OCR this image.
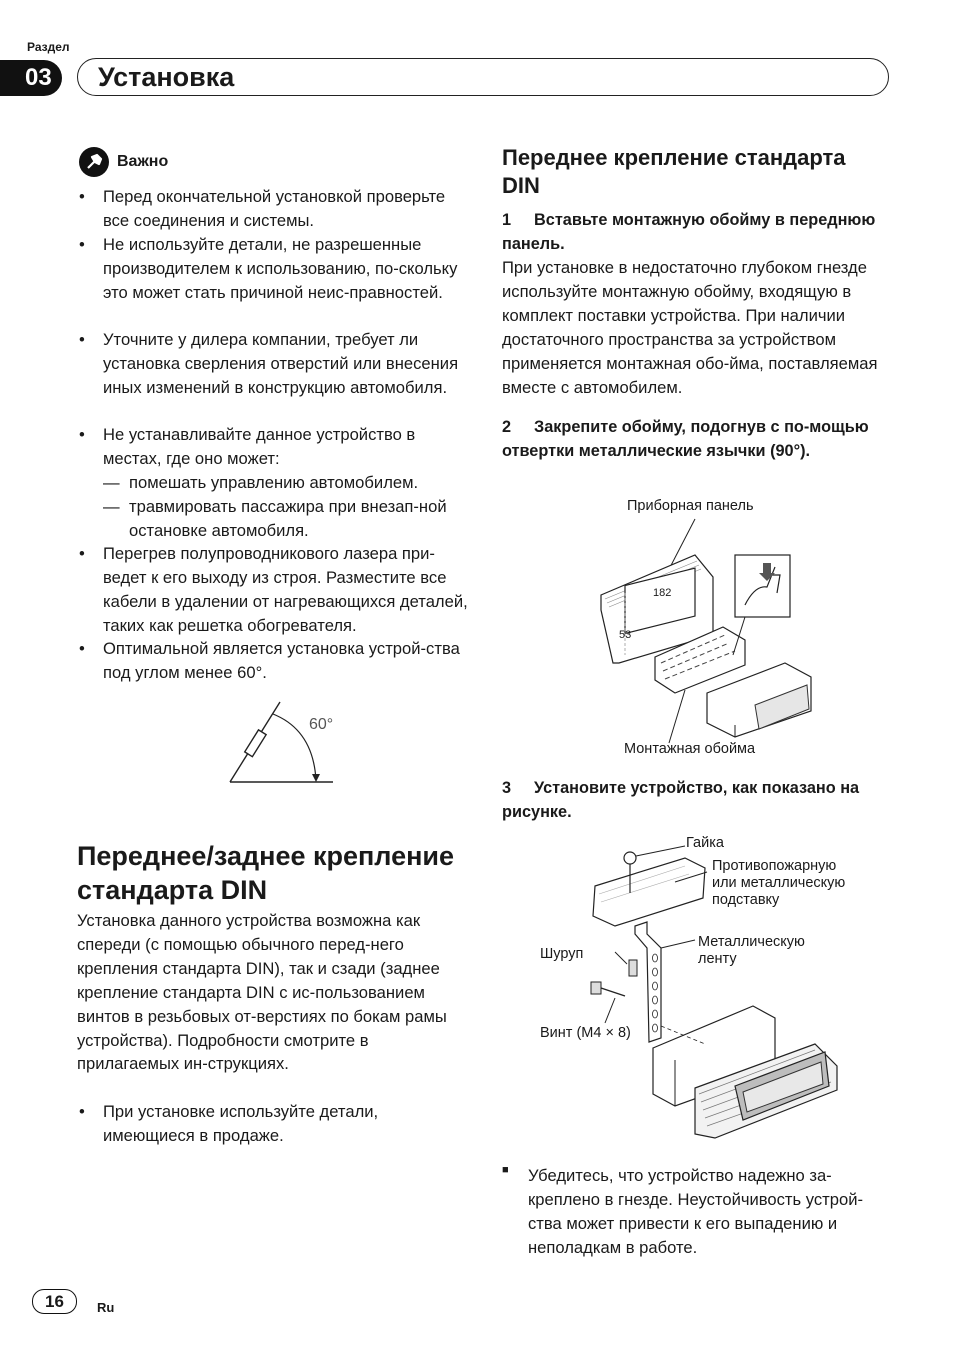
Раздел
03	Установка
Важно
• Перед окончательной установкой проверьте все соединения и системы.
• Не используйте детали, не разрешенные производителем к использованию, по-скольку это может стать причиной неис-правностей.
• Уточните у дилера компании, требует ли установка сверления отверстий или внесения иных изменений в конструкцию автомобиля.
• Не устанавливайте данное устройство в местах, где оно может:
— помешать управлению автомобилем.
— травмировать пассажира при внезап-ной остановке автомобиля.
• Перегрев полупроводникового лазера при-ведет к его выходу из строя. Разместите все кабели в удалении от нагревающихся деталей, таких как решетка обогревателя.
• Оптимальной является установка устрой-ства под углом менее 60°.
60°
Переднее/заднее крепление стандарта DIN
Установка данного устройства возможна как спереди (с помощью обычного перед-него крепления стандарта DIN), так и сзади (заднее крепление стандарта DIN с ис-пользованием винтов в резьбовых от-верстиях по бокам рамы устройства). Подробности смотрите в прилагаемых ин-струкциях.
• При установке используйте детали, имеющиеся в продаже.
Переднее крепление стандарта DIN
1 Вставьте монтажную обойму в переднюю панель.
При установке в недостаточно глубоком гнезде используйте монтажную обойму, входящую в комплект поставки устройства. При наличии достаточного пространства за устройством применяется монтажная обо-йма, поставляемая вместе с автомобилем.
2 Закрепите обойму, подогнув с по-мощью отвертки металлические язычки (90°).
Приборная панель
182
53
Монтажная обойма
3 Установите устройство, как показано на рисунке.
Гайка
Противопожарную или металлическую подставку
Металлическую ленту
Шуруп
Винт (M4 × 8)
■ Убедитесь, что устройство надежно за-креплено в гнезде. Неустойчивость устрой-ства может привести к его выпадению и неполадкам в работе.
16	Ru
